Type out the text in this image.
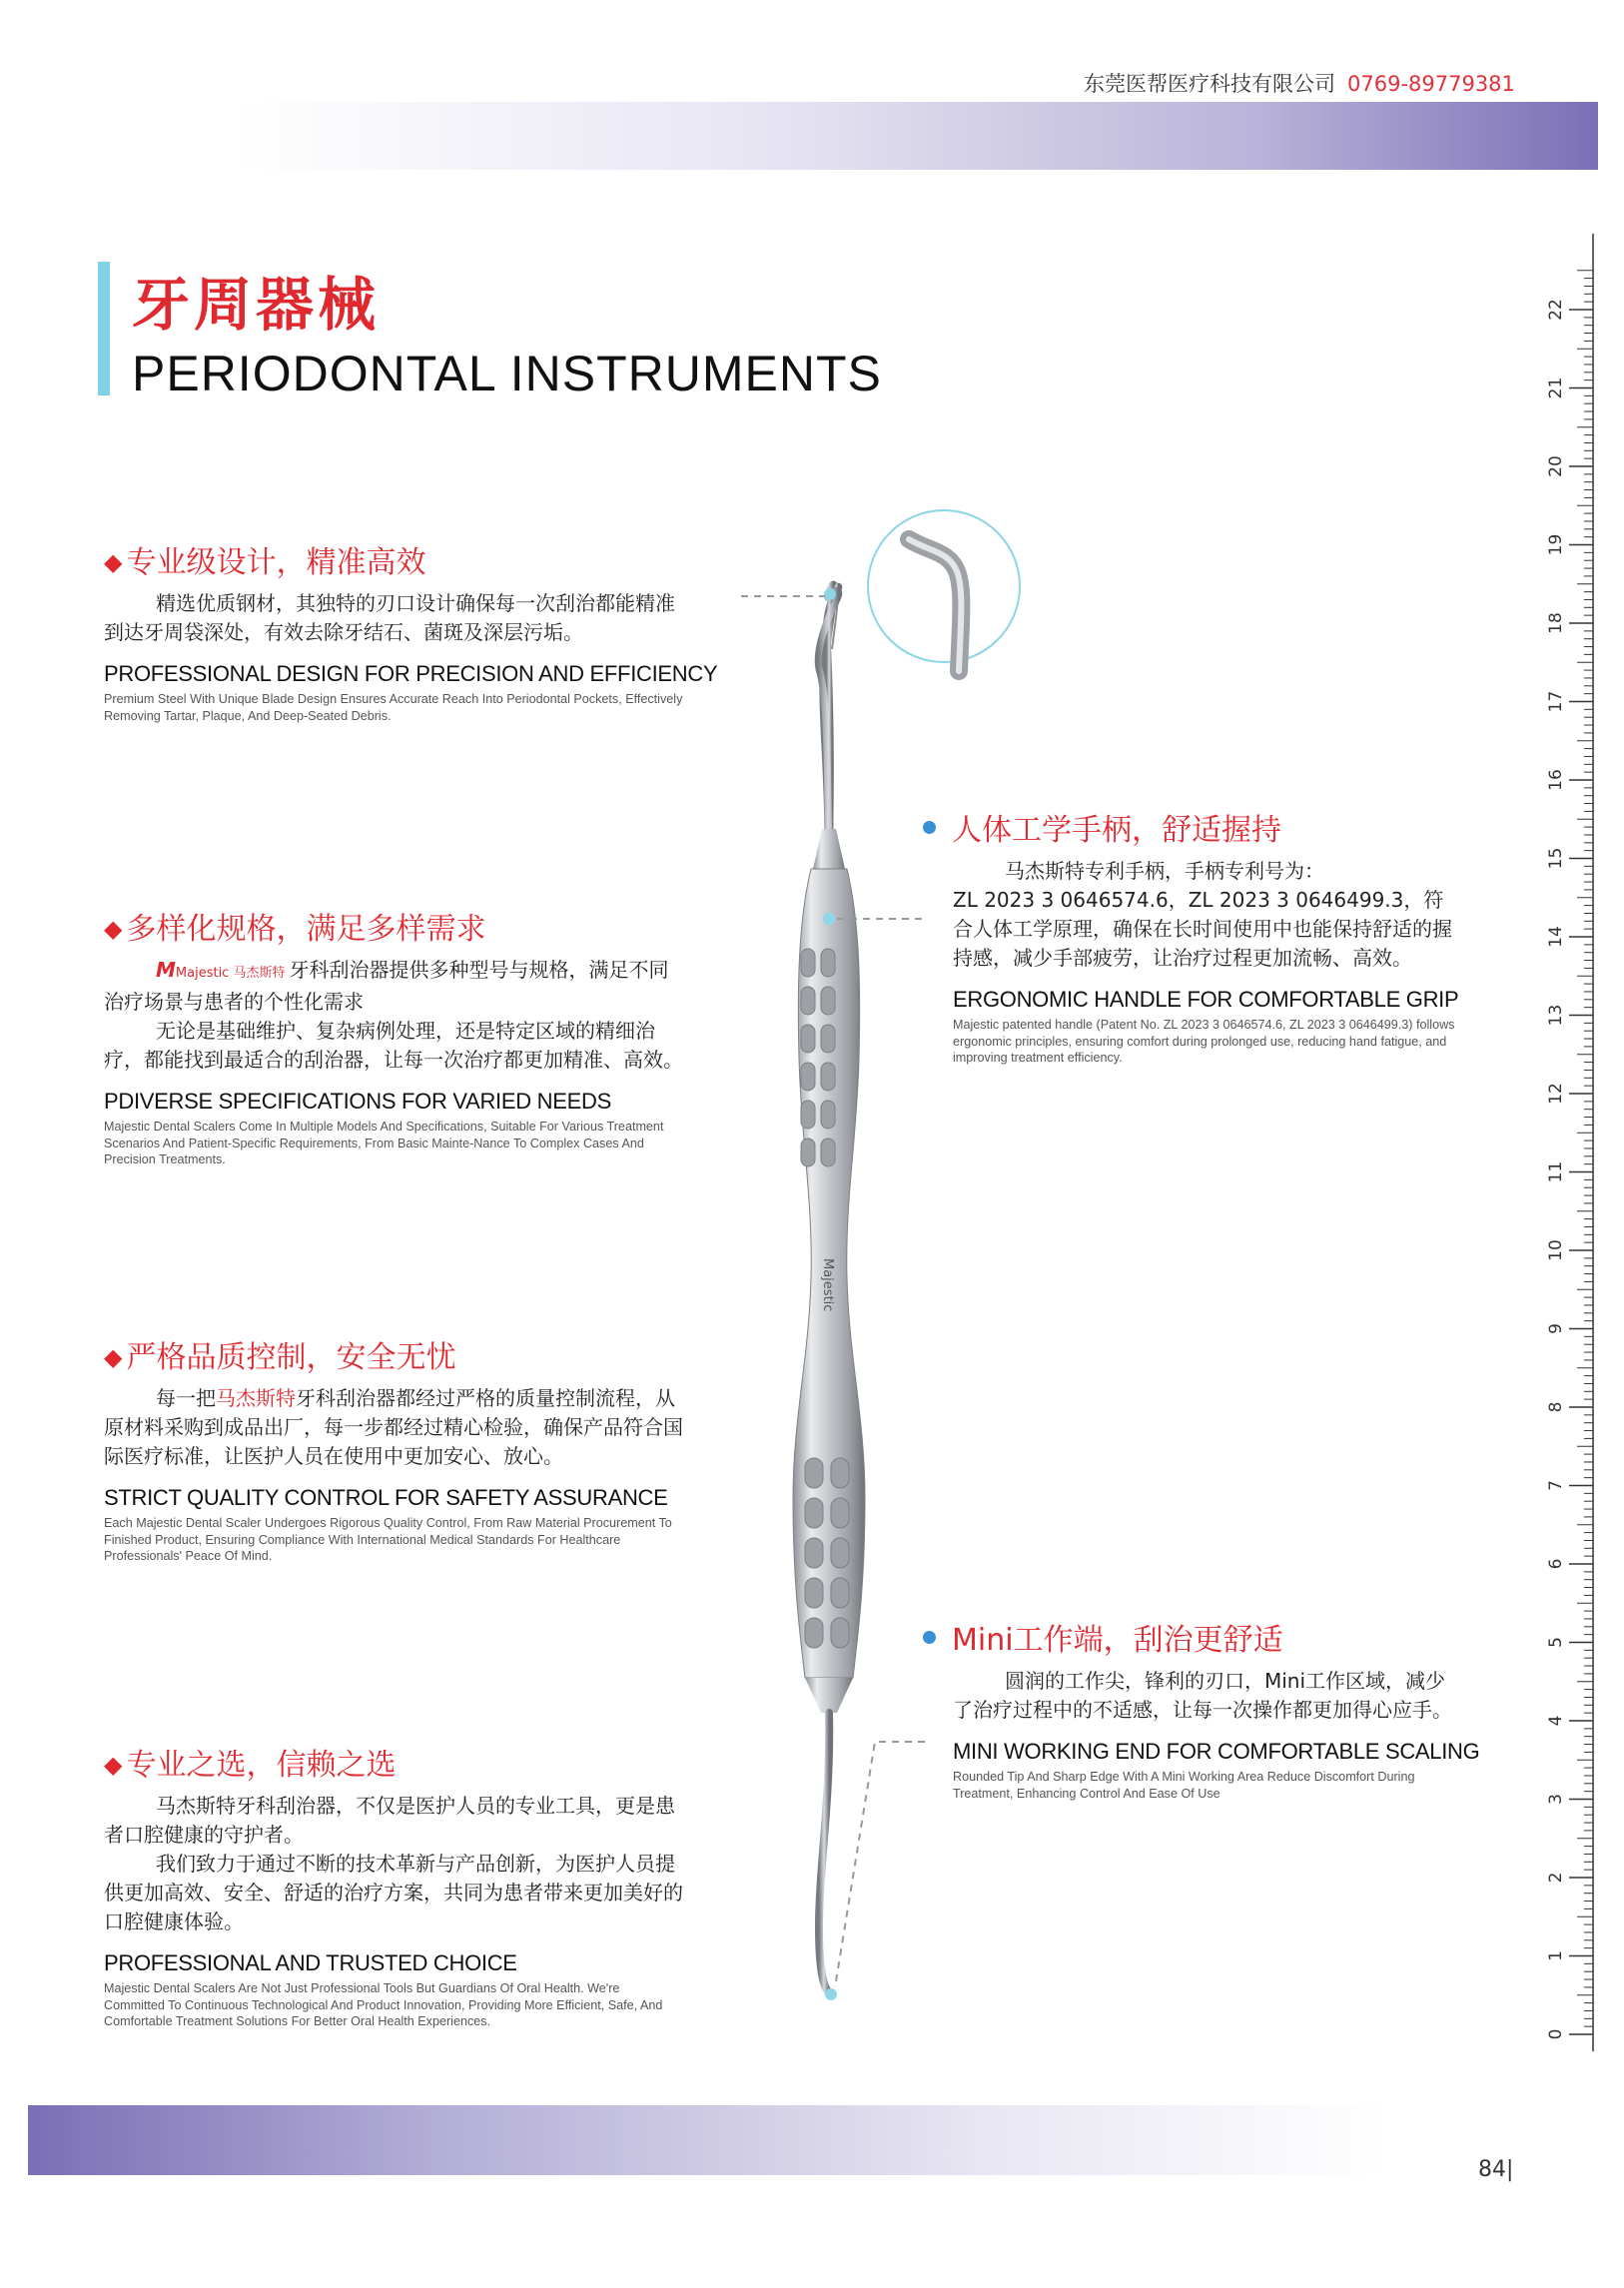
东莞医帮医疗科技有限公司 0769-89779381
牙周器械
PERIODONTAL INSTRUMENTS
◆ 专业级设计，精准高效

精选优质钢材，其独特的刃口设计确保每一次刮治都能精准到达牙周袋深处，有效去除牙结石、菌斑及深层污垢。

PROFESSIONAL DESIGN FOR PRECISION AND EFFICIENCY
Premium Steel With Unique Blade Design Ensures Accurate Reach Into Periodontal Pockets, Effectively Removing Tartar, Plaque, And Deep-Seated Debris.
◆ 多样化规格，满足多样需求

MMajestic 马杰斯特 牙科刮治器提供多种型号与规格，满足不同治疗场景与患者的个性化需求

无论是基础维护、复杂病例处理，还是特定区域的精细治疗，都能找到最适合的刮治器，让每一次治疗都更加精准、高效。

PDIVERSE SPECIFICATIONS FOR VARIED NEEDS
Majestic Dental Scalers Come In Multiple Models And Specifications, Suitable For Various Treatment Scenarios And Patient-Specific Requirements, From Basic Mainte-Nance To Complex Cases And Precision Treatments.
◆ 严格品质控制，安全无忧

每一把马杰斯特牙科刮治器都经过严格的质量控制流程，从原材料采购到成品出厂，每一步都经过精心检验，确保产品符合国际医疗标准，让医护人员在使用中更加安心、放心。

STRICT QUALITY CONTROL FOR SAFETY ASSURANCE
Each Majestic Dental Scaler Undergoes Rigorous Quality Control, From Raw Material Procurement To Finished Product, Ensuring Compliance With International Medical Standards For Healthcare Professionals' Peace Of Mind.
◆ 专业之选，信赖之选

马杰斯特牙科刮治器，不仅是医护人员的专业工具，更是患者口腔健康的守护者。

我们致力于通过不断的技术革新与产品创新，为医护人员提供更加高效、安全、舒适的治疗方案，共同为患者带来更加美好的口腔健康体验。

PROFESSIONAL AND TRUSTED CHOICE
Majestic Dental Scalers Are Not Just Professional Tools But Guardians Of Oral Health. We're Committed To Continuous Technological And Product Innovation, Providing More Efficient, Safe, And Comfortable Treatment Solutions For Better Oral Health Experiences.
人体工学手柄，舒适握持

马杰斯特专利手柄，手柄专利号为：

ZL 2023 3 0646574.6，ZL 2023 3 0646499.3，符合人体工学原理，确保在长时间使用中也能保持舒适的握持感，减少手部疲劳，让治疗过程更加流畅、高效。

ERGONOMIC HANDLE FOR COMFORTABLE GRIP
Majestic patented handle (Patent No. ZL 2023 3 0646574.6, ZL 2023 3 0646499.3) follows ergonomic principles, ensuring comfort during prolonged use, reducing hand fatigue, and improving treatment efficiency.
Mini工作端，刮治更舒适

圆润的工作尖，锋利的刃口，Mini工作区域，减少了治疗过程中的不适感，让每一次操作都更加得心应手。

MINI WORKING END FOR COMFORTABLE SCALING
Rounded Tip And Sharp Edge With A Mini Working Area Reduce Discomfort During Treatment, Enhancing Control And Ease Of Use
Majestic
0
1
2
3
4
5
6
7
8
9
10
11
12
13
14
15
16
17
18
19
20
21
22
84|
